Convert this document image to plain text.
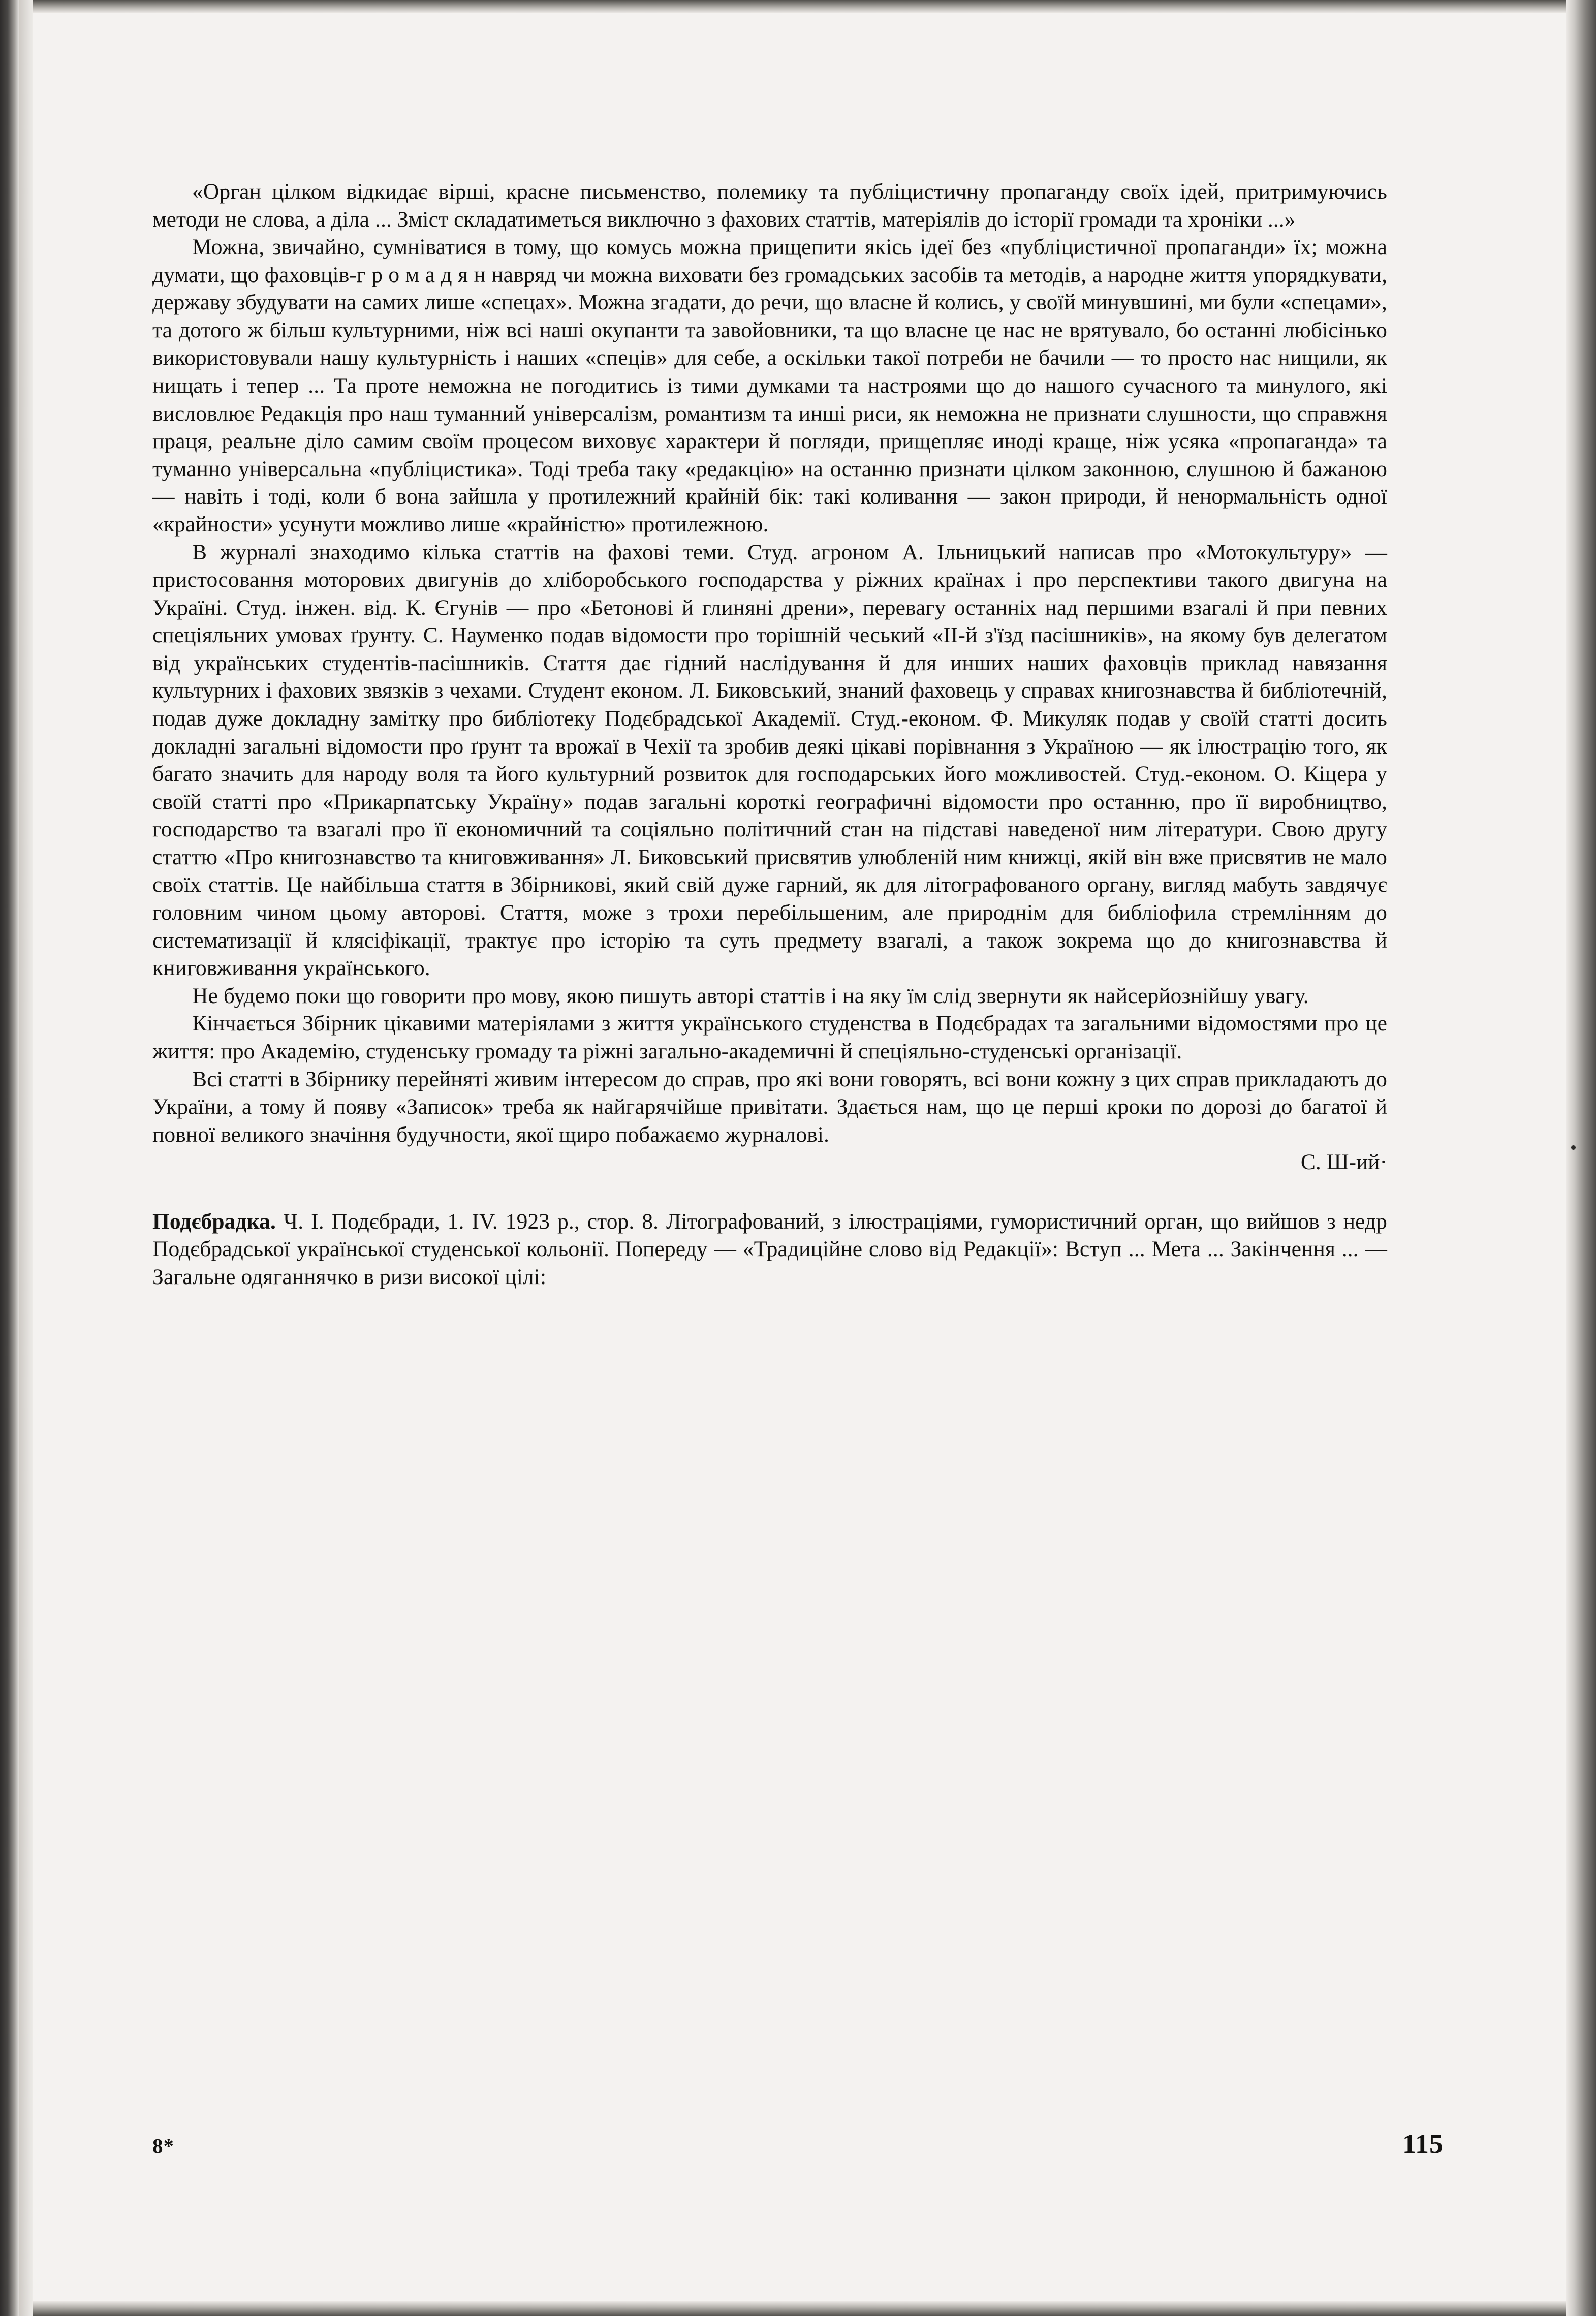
«Орган цілком відкидає вірші, красне письменство, полемику та публіцистичну пропаганду своїх ідей, притримуючись методи не слова, а діла ... Зміст складатиметься виключно з фахових статтів, матеріялів до історії громади та хроніки ...»

Можна, звичайно, сумніватися в тому, що комусь можна прищепити якісь ідеї без «публіцистичної пропаганди» їх; можна думати, що фаховців-г р о м а д я н навряд чи можна виховати без громадських засобів та методів, а народне життя упорядкувати, державу збудувати на самих лише «спецах». Можна згадати, до речи, що власне й колись, у своїй минувшині, ми були «спецами», та дотого ж більш культурними, ніж всі наші окупанти та завойовники, та що власне це нас не врятувало, бо останні любісінько використовували нашу культурність і наших «спеців» для себе, а оскільки такої потреби не бачили — то просто нас нищили, як нищать і тепер ... Та проте неможна не погодитись із тими думками та настроями що до нашого сучасного та минулого, які висловлює Редакція про наш туманний універсалізм, романтизм та инші риси, як неможна не признати слушности, що справжня праця, реальне діло самим своїм процесом виховує характери й погляди, прищепляє иноді краще, ніж усяка «пропаганда» та туманно універсальна «публіцистика». Тоді треба таку «редакцію» на останню признати цілком законною, слушною й бажаною — навіть і тоді, коли б вона зайшла у протилежний крайній бік: такі коливання — закон природи, й ненормальність одної «крайности» усунути можливо лише «крайністю» протилежною.

В журналі знаходимо кілька статтів на фахові теми. Студ. агроном А. Ільницький написав про «Мотокультуру» — пристосовання моторових двигунів до хліборобського господарства у ріжних країнах і про перспективи такого двигуна на Україні. Студ. інжен. від. К. Єгунів — про «Бетонові й глиняні дрени», перевагу останніх над першими взагалі й при певних спеціяльних умовах ґрунту. С. Науменко подав відомости про торішній чеський «ІІ-й з'їзд пасішників», на якому був делегатом від українських студентів-пасішників. Стаття дає гідний наслідування й для инших наших фаховців приклад навязання культурних і фахових звязків з чехами. Студент економ. Л. Биковський, знаний фаховець у справах книгознавства й библіотечній, подав дуже докладну замітку про библіотеку Подєбрадської Академії. Студ.-економ. Ф. Микуляк подав у своїй статті досить докладні загальні відомости про ґрунт та врожаї в Чехії та зробив деякі цікаві порівнання з Україною — як ілюстрацію того, як багато значить для народу воля та його культурний розвиток для господарських його можливостей. Студ.-економ. О. Кіцера у своїй статті про «Прикарпатську Україну» подав загальні короткі географичні відомости про останню, про її виробництво, господарство та взагалі про її економичний та соціяльно політичний стан на підставі наведеної ним літератури. Свою другу статтю «Про книгознавство та книговживання» Л. Биковський присвятив улюбленій ним книжці, якій він вже присвятив не мало своїх статтів. Це найбільша стаття в Збірникові, який свій дуже гарний, як для літографованого органу, вигляд мабуть завдячує головним чином цьому авторові. Стаття, може з трохи перебільшеним, але природнім для библіофила стремлінням до систематизації й клясіфікації, трактує про історію та суть предмету взагалі, а також зокрема що до книгознавства й книговживання українського.

Не будемо поки що говорити про мову, якою пишуть авторі статтів і на яку їм слід звернути як найсерйознійшу увагу.

Кінчається Збірник цікавими матеріялами з життя українського студенства в Подєбрадах та загальними відомостями про це життя: про Академію, студенську громаду та ріжні загально-академичні й спеціяльно-студенські організації.

Всі статті в Збірнику перейняті живим інтересом до справ, про які вони говорять, всі вони кожну з цих справ прикладають до України, а тому й появу «Записок» треба як найгарячійше привітати. Здається нам, що це перші кроки по дорозі до багатої й повної великого значіння будучности, якої щиро побажаємо журналові.

С. Ш-ий·

Подєбрадка. Ч. І. Подєбради, 1. IV. 1923 р., стор. 8. Літографований, з ілюстраціями, гумористичний орган, що вийшов з недр Подєбрадської української студенської кольонії. Попереду — «Традиційне слово від Редакції»: Вступ ... Мета ... Закінчення ... — Загальне одяганнячко в ризи високої цілі:

8*	115
